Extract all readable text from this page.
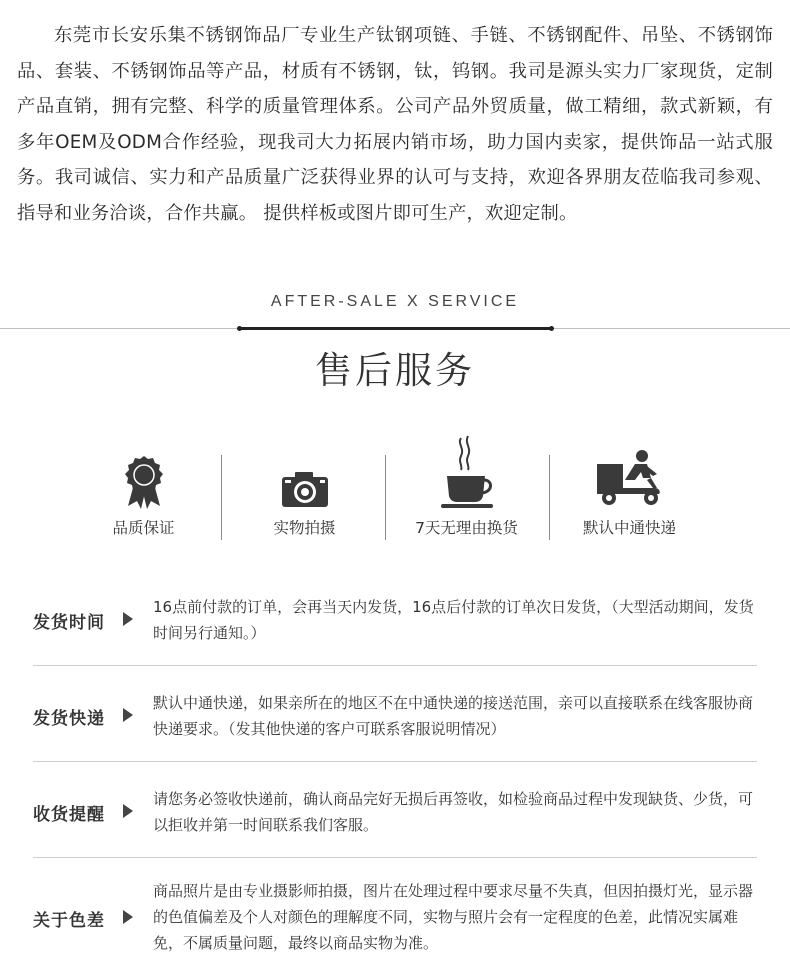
东莞市长安乐集不锈钢饰品厂专业生产钛钢项链、手链、不锈钢配件、吊坠、不锈钢饰品、套装、不锈钢饰品等产品，材质有不锈钢，钛，钨钢。我司是源头实力厂家现货，定制产品直销，拥有完整、科学的质量管理体系。公司产品外贸质量，做工精细，款式新颖，有多年OEM及ODM合作经验，现我司大力拓展内销市场，助力国内卖家，提供饰品一站式服务。我司诚信、实力和产品质量广泛获得业界的认可与支持，欢迎各界朋友莅临我司参观、指导和业务洽谈，合作共赢。 提供样板或图片即可生产，欢迎定制。

AFTER-SALE X SERVICE
售后服务
品质保证	实物拍摄	7天无理由换货	默认中通快递
发货时间
16点前付款的订单，会再当天内发货，16点后付款的订单次日发货，（大型活动期间，发货时间另行通知。）
发货快递
默认中通快递，如果亲所在的地区不在中通快递的接送范围，亲可以直接联系在线客服协商快递要求。（发其他快递的客户可联系客服说明情况）
收货提醒
请您务必签收快递前，确认商品完好无损后再签收，如检验商品过程中发现缺货、少货，可以拒收并第一时间联系我们客服。
关于色差
商品照片是由专业摄影师拍摄，图片在处理过程中要求尽量不失真，但因拍摄灯光，显示器的色值偏差及个人对颜色的理解度不同，实物与照片会有一定程度的色差，此情况实属难免，不属质量问题，最终以商品实物为准。
